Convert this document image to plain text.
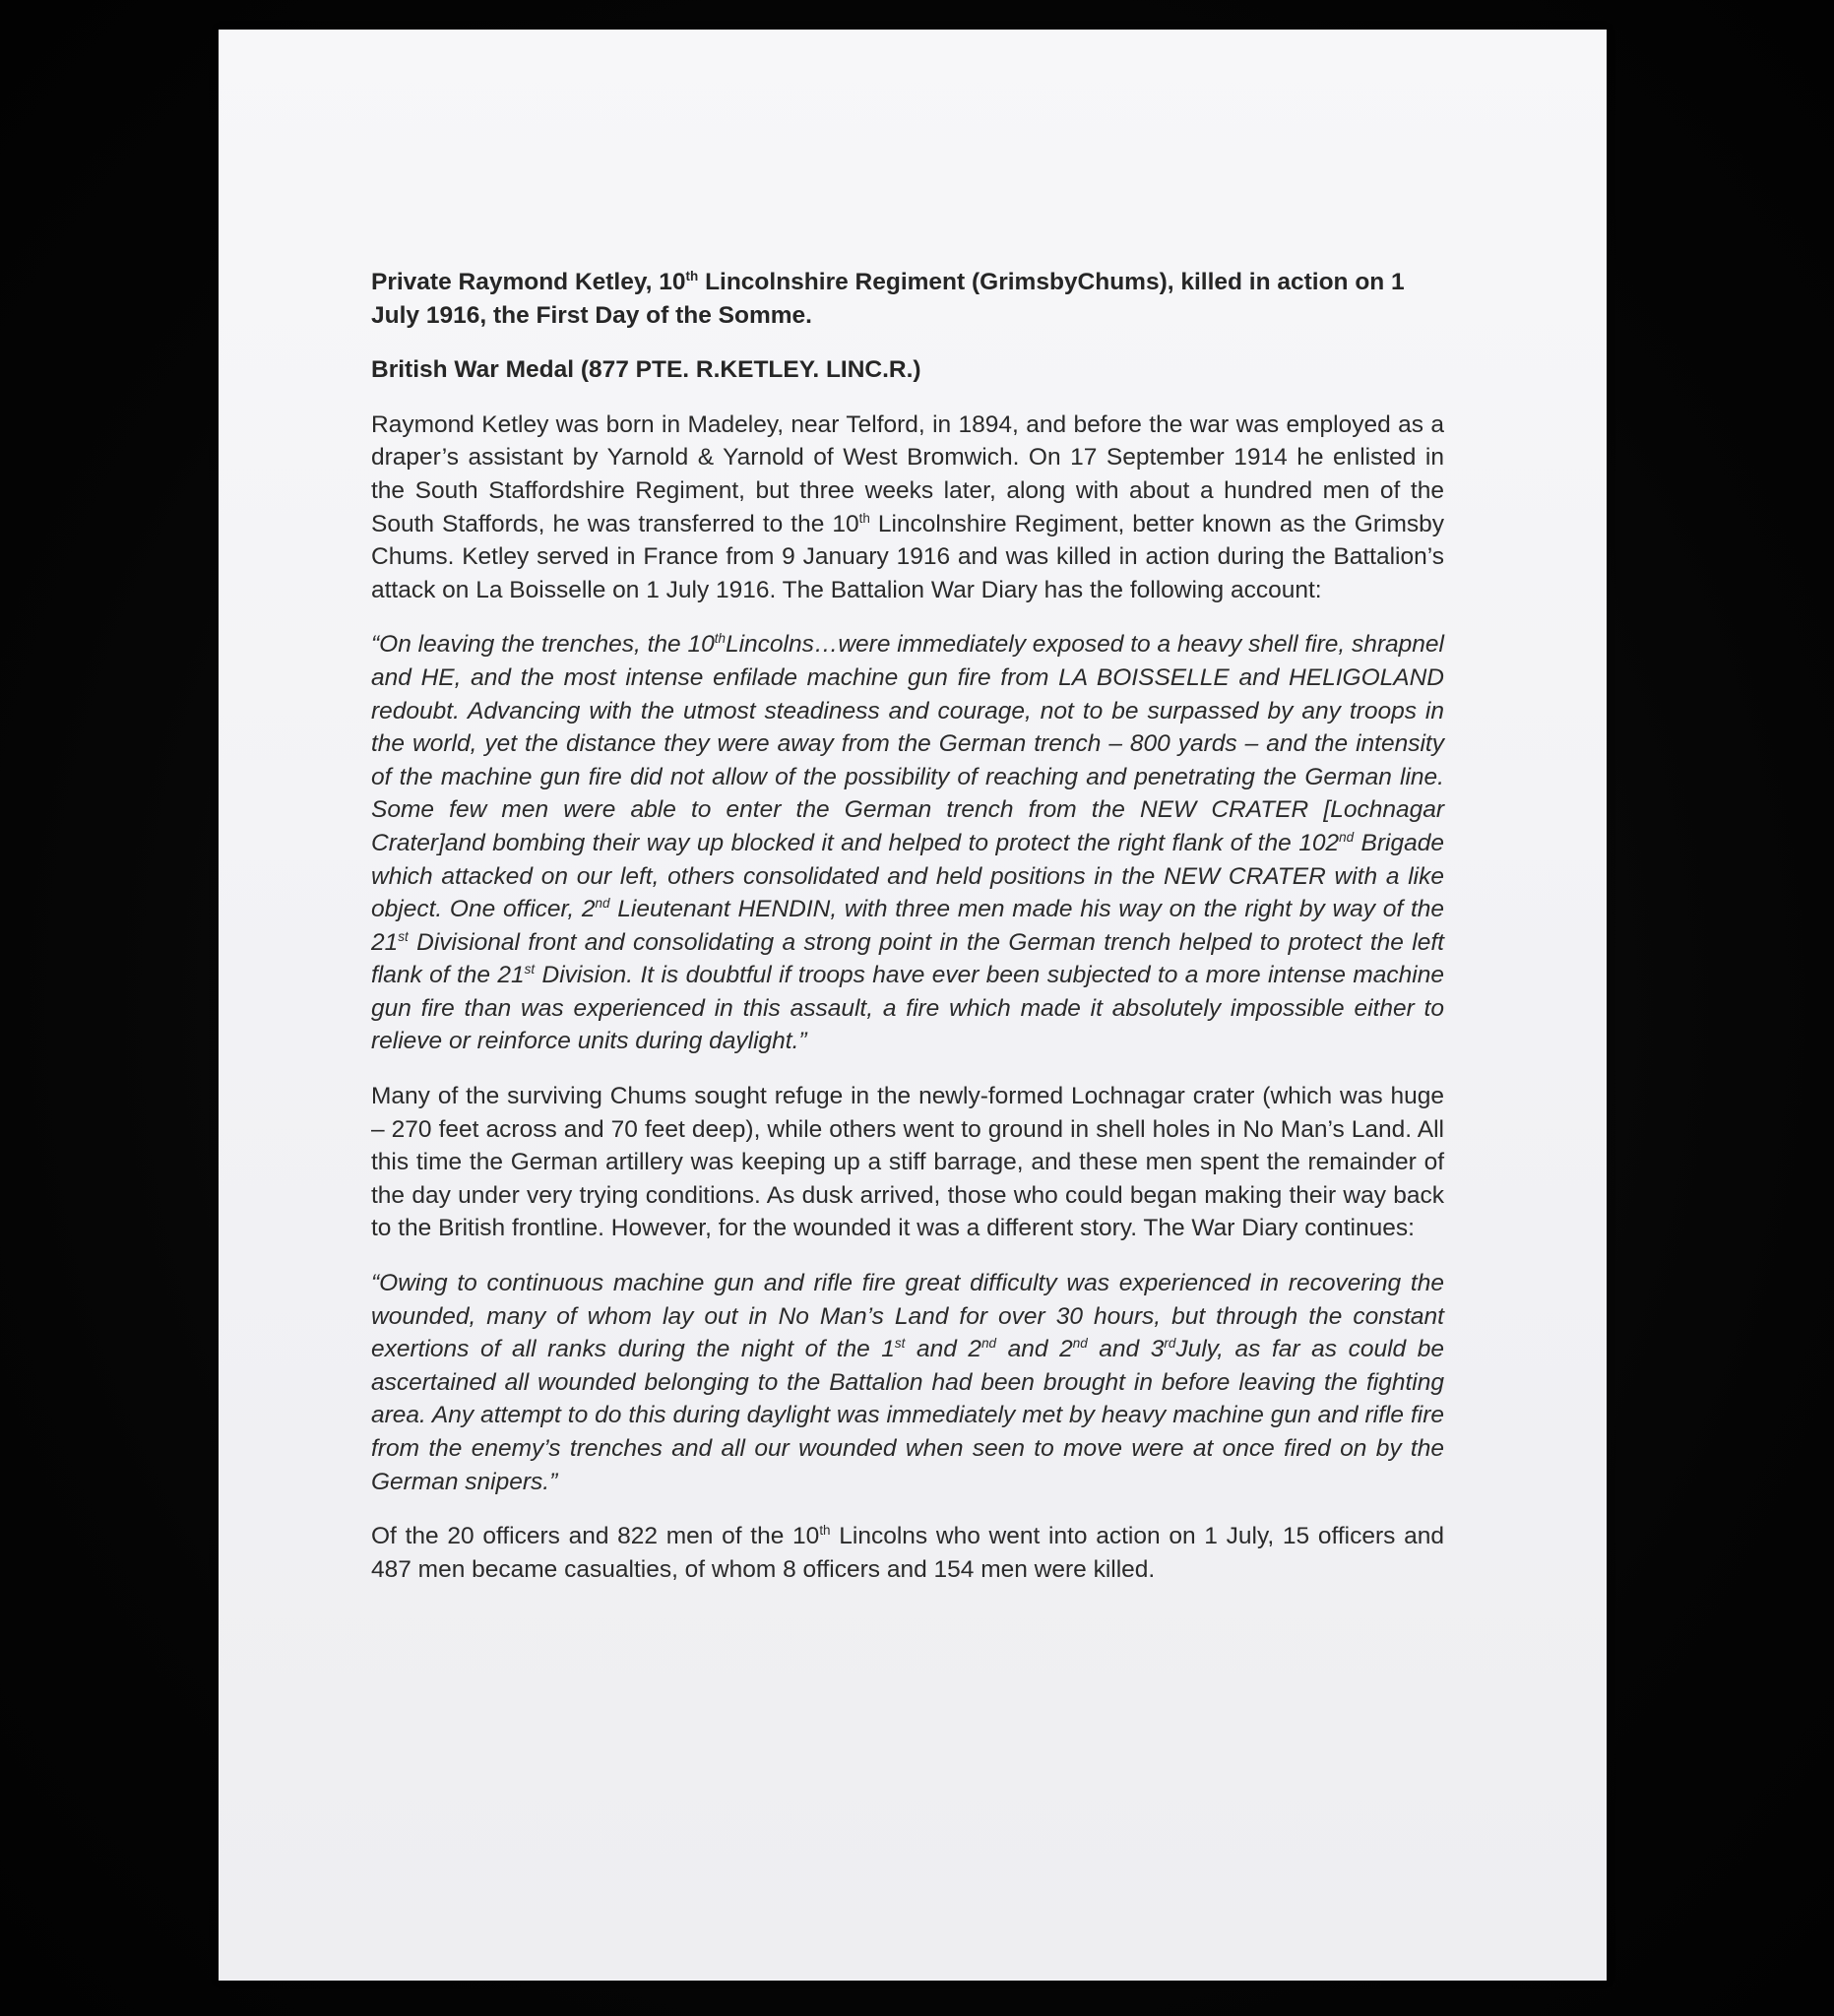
Private Raymond Ketley, 10th Lincolnshire Regiment (GrimsbyChums), killed in action on 1 July 1916, the First Day of the Somme.

British War Medal (877 PTE. R.KETLEY. LINC.R.)

Raymond Ketley was born in Madeley, near Telford, in 1894, and before the war was employed as a draper’s assistant by Yarnold & Yarnold of West Bromwich. On 17 September 1914 he enlisted in the South Staffordshire Regiment, but three weeks later, along with about a hundred men of the South Staffords, he was transferred to the 10th Lincolnshire Regiment, better known as the Grimsby Chums. Ketley served in France from 9 January 1916 and was killed in action during the Battalion’s attack on La Boisselle on 1 July 1916. The Battalion War Diary has the following account:

“On leaving the trenches, the 10thLincolns…were immediately exposed to a heavy shell fire, shrapnel and HE, and the most intense enfilade machine gun fire from LA BOISSELLE and HELIGOLAND redoubt. Advancing with the utmost steadiness and courage, not to be surpassed by any troops in the world, yet the distance they were away from the German trench – 800 yards – and the intensity of the machine gun fire did not allow of the possibility of reaching and penetrating the German line. Some few men were able to enter the German trench from the NEW CRATER [Lochnagar Crater]and bombing their way up blocked it and helped to protect the right flank of the 102nd Brigade which attacked on our left, others consolidated and held positions in the NEW CRATER with a like object. One officer, 2nd Lieutenant HENDIN, with three men made his way on the right by way of the 21st Divisional front and consolidating a strong point in the German trench helped to protect the left flank of the 21st Division. It is doubtful if troops have ever been subjected to a more intense machine gun fire than was experienced in this assault, a fire which made it absolutely impossible either to relieve or reinforce units during daylight.”

Many of the surviving Chums sought refuge in the newly-formed Lochnagar crater (which was huge – 270 feet across and 70 feet deep), while others went to ground in shell holes in No Man’s Land. All this time the German artillery was keeping up a stiff barrage, and these men spent the remainder of the day under very trying conditions. As dusk arrived, those who could began making their way back to the British frontline. However, for the wounded it was a different story. The War Diary continues:

“Owing to continuous machine gun and rifle fire great difficulty was experienced in recovering the wounded, many of whom lay out in No Man’s Land for over 30 hours, but through the constant exertions of all ranks during the night of the 1st and 2nd and 2nd and 3rdJuly, as far as could be ascertained all wounded belonging to the Battalion had been brought in before leaving the fighting area. Any attempt to do this during daylight was immediately met by heavy machine gun and rifle fire from the enemy’s trenches and all our wounded when seen to move were at once fired on by the German snipers.”

Of the 20 officers and 822 men of the 10th Lincolns who went into action on 1 July, 15 officers and 487 men became casualties, of whom 8 officers and 154 men were killed.
